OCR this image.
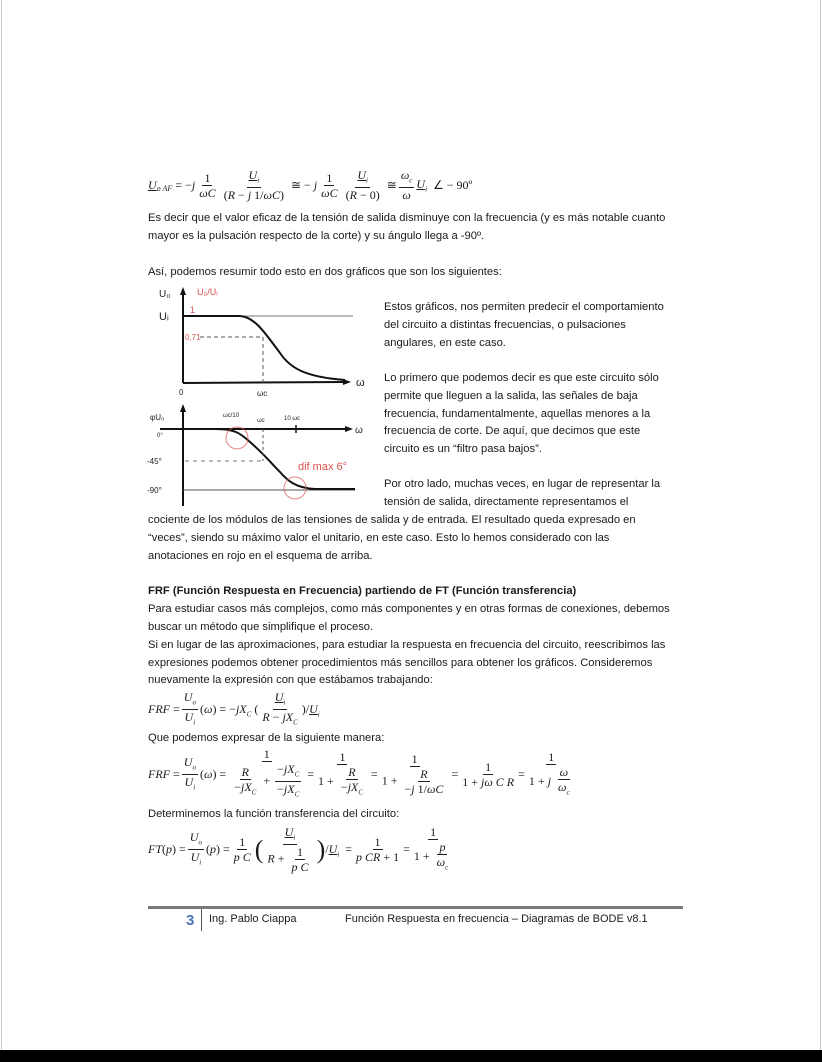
U o AF = $-j \frac{1}{\omega C} \frac{U_i}{(R - j 1/\omega C)}$ ≅ − j $\frac{1}{\omega C} \frac{U_i}{(R - 0)}$ ≅ $\frac{\omega_c}{\omega} U_i$
∠ − 90º
Es decir que el valor eficaz de la tensión de salida disminuye con la frecuencia (y es más notable cuanto
mayor es la pulsación respecto de la corte) y su ángulo llega a -90º.
Así, podemos resumir todo esto en dos gráficos que son los siguientes:
U₀	U₀/Uᵢ
Uᵢ
1
0,71
0	ωc
ω
φU₀
0°
-45°
-90°
ωc/10
ωc	10 ωc
ω
dif max 6°
Estos gráficos, nos permiten predecir el comportamiento
del circuito a distintas frecuencias, o pulsaciones
angulares, en este caso.
Lo primero que podemos decir es que este circuito sólo
permite que lleguen a la salida, las señales de baja
frecuencia, fundamentalmente, aquellas menores a la
frecuencia de corte. De aquí, que decimos que este
circuito es un “filtro pasa bajos”.
Por otro lado, muchas veces, en lugar de representar la
tensión de salida, directamente representamos el
cociente de los módulos de las tensiones de salida y de entrada. El resultado queda expresado en
“veces”, siendo su máximo valor el unitario, en este caso. Esto lo hemos considerado con las
anotaciones en rojo en el esquema de arriba.
FRF (Función Respuesta en Frecuencia) partiendo de FT (Función transferencia)
Para estudiar casos más complejos, como más componentes y en otras formas de conexiones, debemos
buscar un método que simplifique el proceso.
Si en lugar de las aproximaciones, para estudiar la respuesta en frecuencia del circuito, reescribimos las
expresiones podemos obtener procedimientos más sencillos para obtener los gráficos. Consideremos
nuevamente la expresión con que estábamos trabajando:
FRF = $\frac{U_o}{U_i} (\omega) = -jX_C$ ( $\frac{U_i}{R - jX_C} )/U_i$
Que podemos expresar de la siguiente manera:
FRF = $\frac{U_o}{U_i} (\omega) = \frac{1}{\frac{R}{-jX_C} + \frac{-jX_C}{-jX_C}} = \frac{1}{1 + \frac{R}{-jX_C}} = \frac{1}{1 + \frac{R}{-j 1/\omega C}} = \frac{1}{\text{1 + jω C R}} = \frac{1}{1 + j \frac{\omega}{\omega_c}}$
Determinemos la función transferencia del circuito:
FT ( p ) = $\frac{U_o}{U_i} (p) = \frac{1}{\text{p C}}$ ( $\frac{U_i}{R + \frac{1}{\text{p C}}}$ ) $/U_i = \frac{1}{\text{p CR + 1}} = \frac{1}{1 + \frac{p}{\omega_c}}$
3 Ing. Pablo Ciappa	Función Respuesta en frecuencia – Diagramas de BODE v8.1
